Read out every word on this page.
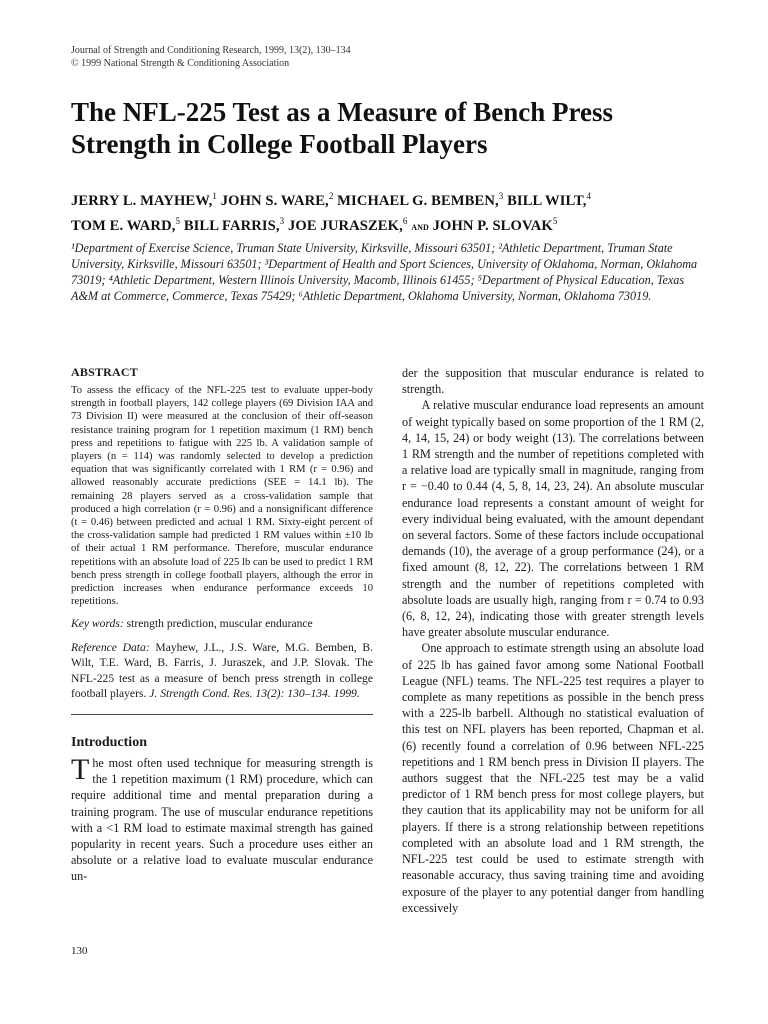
Journal of Strength and Conditioning Research, 1999, 13(2), 130–134
© 1999 National Strength & Conditioning Association
The NFL-225 Test as a Measure of Bench Press Strength in College Football Players
JERRY L. MAYHEW,$^1$ JOHN S. WARE,$^2$ MICHAEL G. BEMBEN,$^3$ BILL WILT,$^4$
TOM E. WARD,$^5$ BILL FARRIS,$^3$ JOE JURASZEK,$^6$ and JOHN P. SLOVAK$^5$
¹Department of Exercise Science, Truman State University, Kirksville, Missouri 63501; ²Athletic Department, Truman State University, Kirksville, Missouri 63501; ³Department of Health and Sport Sciences, University of Oklahoma, Norman, Oklahoma 73019; ⁴Athletic Department, Western Illinois University, Macomb, Illinois 61455; ⁵Department of Physical Education, Texas A&M at Commerce, Commerce, Texas 75429; ⁶Athletic Department, Oklahoma University, Norman, Oklahoma 73019.
ABSTRACT

To assess the efficacy of the NFL-225 test to evaluate upper-body strength in football players, 142 college players (69 Division IAA and 73 Division II) were measured at the conclusion of their off-season resistance training program for 1 repetition maximum (1 RM) bench press and repetitions to fatigue with 225 lb. A validation sample of players (n = 114) was randomly selected to develop a prediction equation that was significantly correlated with 1 RM (r = 0.96) and allowed reasonably accurate predictions (SEE = 14.1 lb). The remaining 28 players served as a cross-validation sample that produced a high correlation (r = 0.96) and a nonsignificant difference (t = 0.46) between predicted and actual 1 RM. Sixty-eight percent of the cross-validation sample had predicted 1 RM values within ±10 lb of their actual 1 RM performance. Therefore, muscular endurance repetitions with an absolute load of 225 lb can be used to predict 1 RM bench press strength in college football players, although the error in prediction increases when endurance performance exceeds 10 repetitions.

Key words: strength prediction, muscular endurance

Reference Data: Mayhew, J.L., J.S. Ware, M.G. Bemben, B. Wilt, T.E. Ward, B. Farris, J. Juraszek, and J.P. Slovak. The NFL-225 test as a measure of bench press strength in college football players. J. Strength Cond. Res. 13(2): 130–134. 1999.

Introduction

The most often used technique for measuring strength is the 1 repetition maximum (1 RM) procedure, which can require additional time and mental preparation during a training program. The use of muscular endurance repetitions with a <1 RM load to estimate maximal strength has gained popularity in recent years. Such a procedure uses either an absolute or a relative load to evaluate muscular endurance un-

der the supposition that muscular endurance is related to strength.

A relative muscular endurance load represents an amount of weight typically based on some proportion of the 1 RM (2, 4, 14, 15, 24) or body weight (13). The correlations between 1 RM strength and the number of repetitions completed with a relative load are typically small in magnitude, ranging from r = −0.40 to 0.44 (4, 5, 8, 14, 23, 24). An absolute muscular endurance load represents a constant amount of weight for every individual being evaluated, with the amount dependant on several factors. Some of these factors include occupational demands (10), the average of a group performance (24), or a fixed amount (8, 12, 22). The correlations between 1 RM strength and the number of repetitions completed with absolute loads are usually high, ranging from r = 0.74 to 0.93 (6, 8, 12, 24), indicating those with greater strength levels have greater absolute muscular endurance.

One approach to estimate strength using an absolute load of 225 lb has gained favor among some National Football League (NFL) teams. The NFL-225 test requires a player to complete as many repetitions as possible in the bench press with a 225-lb barbell. Although no statistical evaluation of this test on NFL players has been reported, Chapman et al. (6) recently found a correlation of 0.96 between NFL-225 repetitions and 1 RM bench press in Division II players. The authors suggest that the NFL-225 test may be a valid predictor of 1 RM bench press for most college players, but they caution that its applicability may not be uniform for all players. If there is a strong relationship between repetitions completed with an absolute load and 1 RM strength, the NFL-225 test could be used to estimate strength with reasonable accuracy, thus saving training time and avoiding exposure of the player to any potential danger from handling excessively

130
